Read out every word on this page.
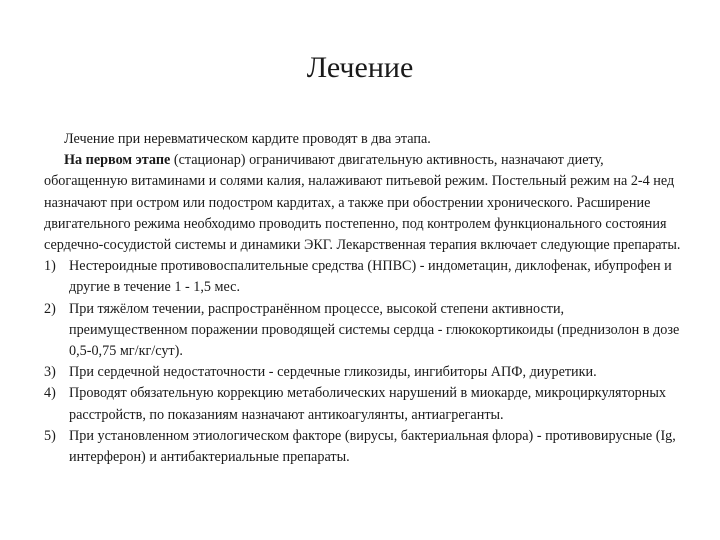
Лечение

Лечение при неревматическом кардите проводят в два этапа.

На первом этапе (стационар) ограничивают двигательную активность, назначают диету, обогащенную витаминами и солями калия, налаживают питьевой режим. Постельный режим на 2-4 нед назначают при остром или подостром кардитах, а также при обострении хронического. Расширение двигательного режима необходимо проводить постепенно, под контролем функционального состояния сердечно-сосудистой системы и динамики ЭКГ. Лекарственная терапия включает следующие препараты.

1) Нестероидные противовоспалительные средства (НПВС) - индометацин, диклофенак, ибупрофен и другие в течение 1 - 1,5 мес.
2) При тяжёлом течении, распространённом процессе, высокой степени активности, преимущественном поражении проводящей системы сердца - глюкокортикоиды (преднизолон в дозе 0,5-0,75 мг/кг/сут).
3) При сердечной недостаточности - сердечные гликозиды, ингибиторы АПФ, диуретики.
4) Проводят обязательную коррекцию метаболических нарушений в миокарде, микроциркуляторных расстройств, по показаниям назначают антикоагулянты, антиагреганты.
5) При установленном этиологическом факторе (вирусы, бактериальная флора) - противовирусные (Ig, интерферон) и антибактериальные препараты.
